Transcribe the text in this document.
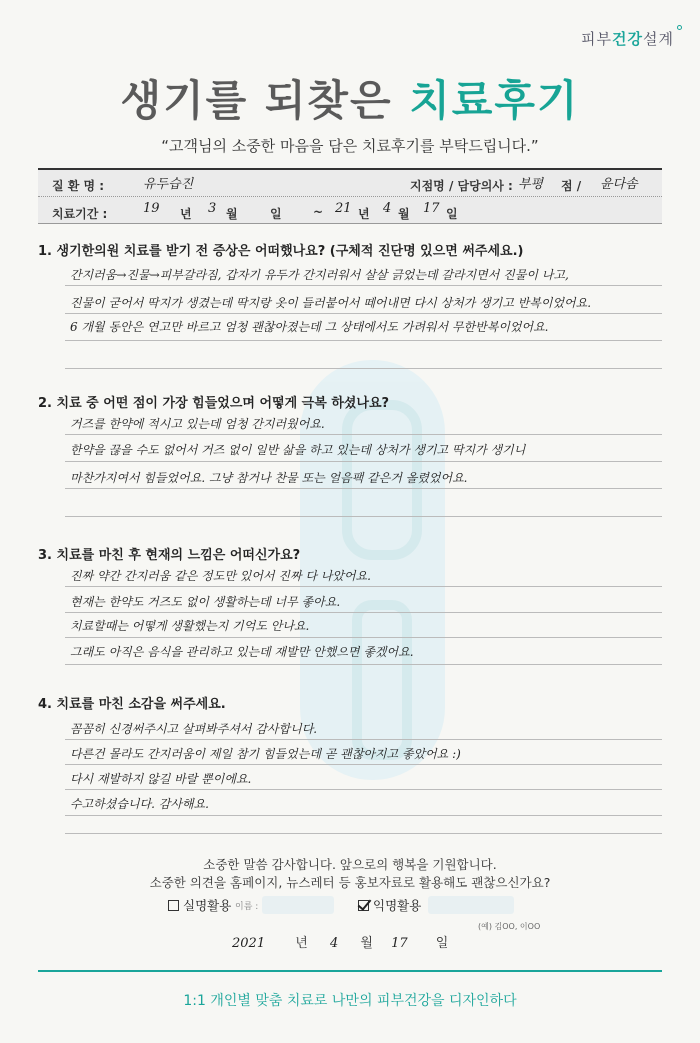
피부건강설계
생기를 되찾은 치료후기
“고객님의 소중한 마음을 담은 치료후기를 부탁드립니다.”
질 환 명 :	유두습진	지점명 / 담당의사 : 부평 점 / 윤다솜
치료기간 :	19 년 3 월	일	~ 21 년 4 월 17 일
1. 생기한의원 치료를 받기 전 증상은 어떠했나요? (구체적 진단명 있으면 써주세요.)
간지러움→진물→피부갈라짐, 갑자기 유두가 간지러워서 살살 긁었는데 갈라지면서 진물이 나고,
진물이 굳어서 딱지가 생겼는데 딱지랑 옷이 들러붙어서 떼어내면 다시 상처가 생기고 반복이었어요.
6 개월 동안은 연고만 바르고 엄청 괜찮아졌는데 그 상태에서도 가려워서 무한반복이었어요.
2. 치료 중 어떤 점이 가장 힘들었으며 어떻게 극복 하셨나요?
거즈를 한약에 적시고 있는데 엄청 간지러웠어요.
한약을 끊을 수도 없어서 거즈 없이 일반 삶을 하고 있는데 상처가 생기고 딱지가 생기니
마찬가지여서 힘들었어요. 그냥 참거나 찬물 또는 얼음팩 같은거 올렸었어요.
3. 치료를 마친 후 현재의 느낌은 어떠신가요?
진짜 약간 간지러움 같은 정도만 있어서 진짜 다 나았어요.
현재는 한약도 거즈도 없이 생활하는데 너무 좋아요.
치료할때는 어떻게 생활했는지 기억도 안나요.
그래도 아직은 음식을 관리하고 있는데 재발만 안했으면 좋겠어요.
4. 치료를 마친 소감을 써주세요.
꼼꼼히 신경써주시고 살펴봐주셔서 감사합니다.
다른건 몰라도 간지러움이 제일 참기 힘들었는데 곧 괜찮아지고 좋았어요 :)
다시 재발하지 않길 바랄 뿐이에요.
수고하셨습니다. 감사해요.
소중한 말씀 감사합니다. 앞으로의 행복을 기원합니다.
소중한 의견을 홈페이지, 뉴스레터 등 홍보자료로 활용해도 괜찮으신가요?
실명활용 이름 :	익명활용
(예) 김OO, 이OO
2021 년 4 월 17 일
1:1 개인별 맞춤 치료로 나만의 피부건강을 디자인하다
